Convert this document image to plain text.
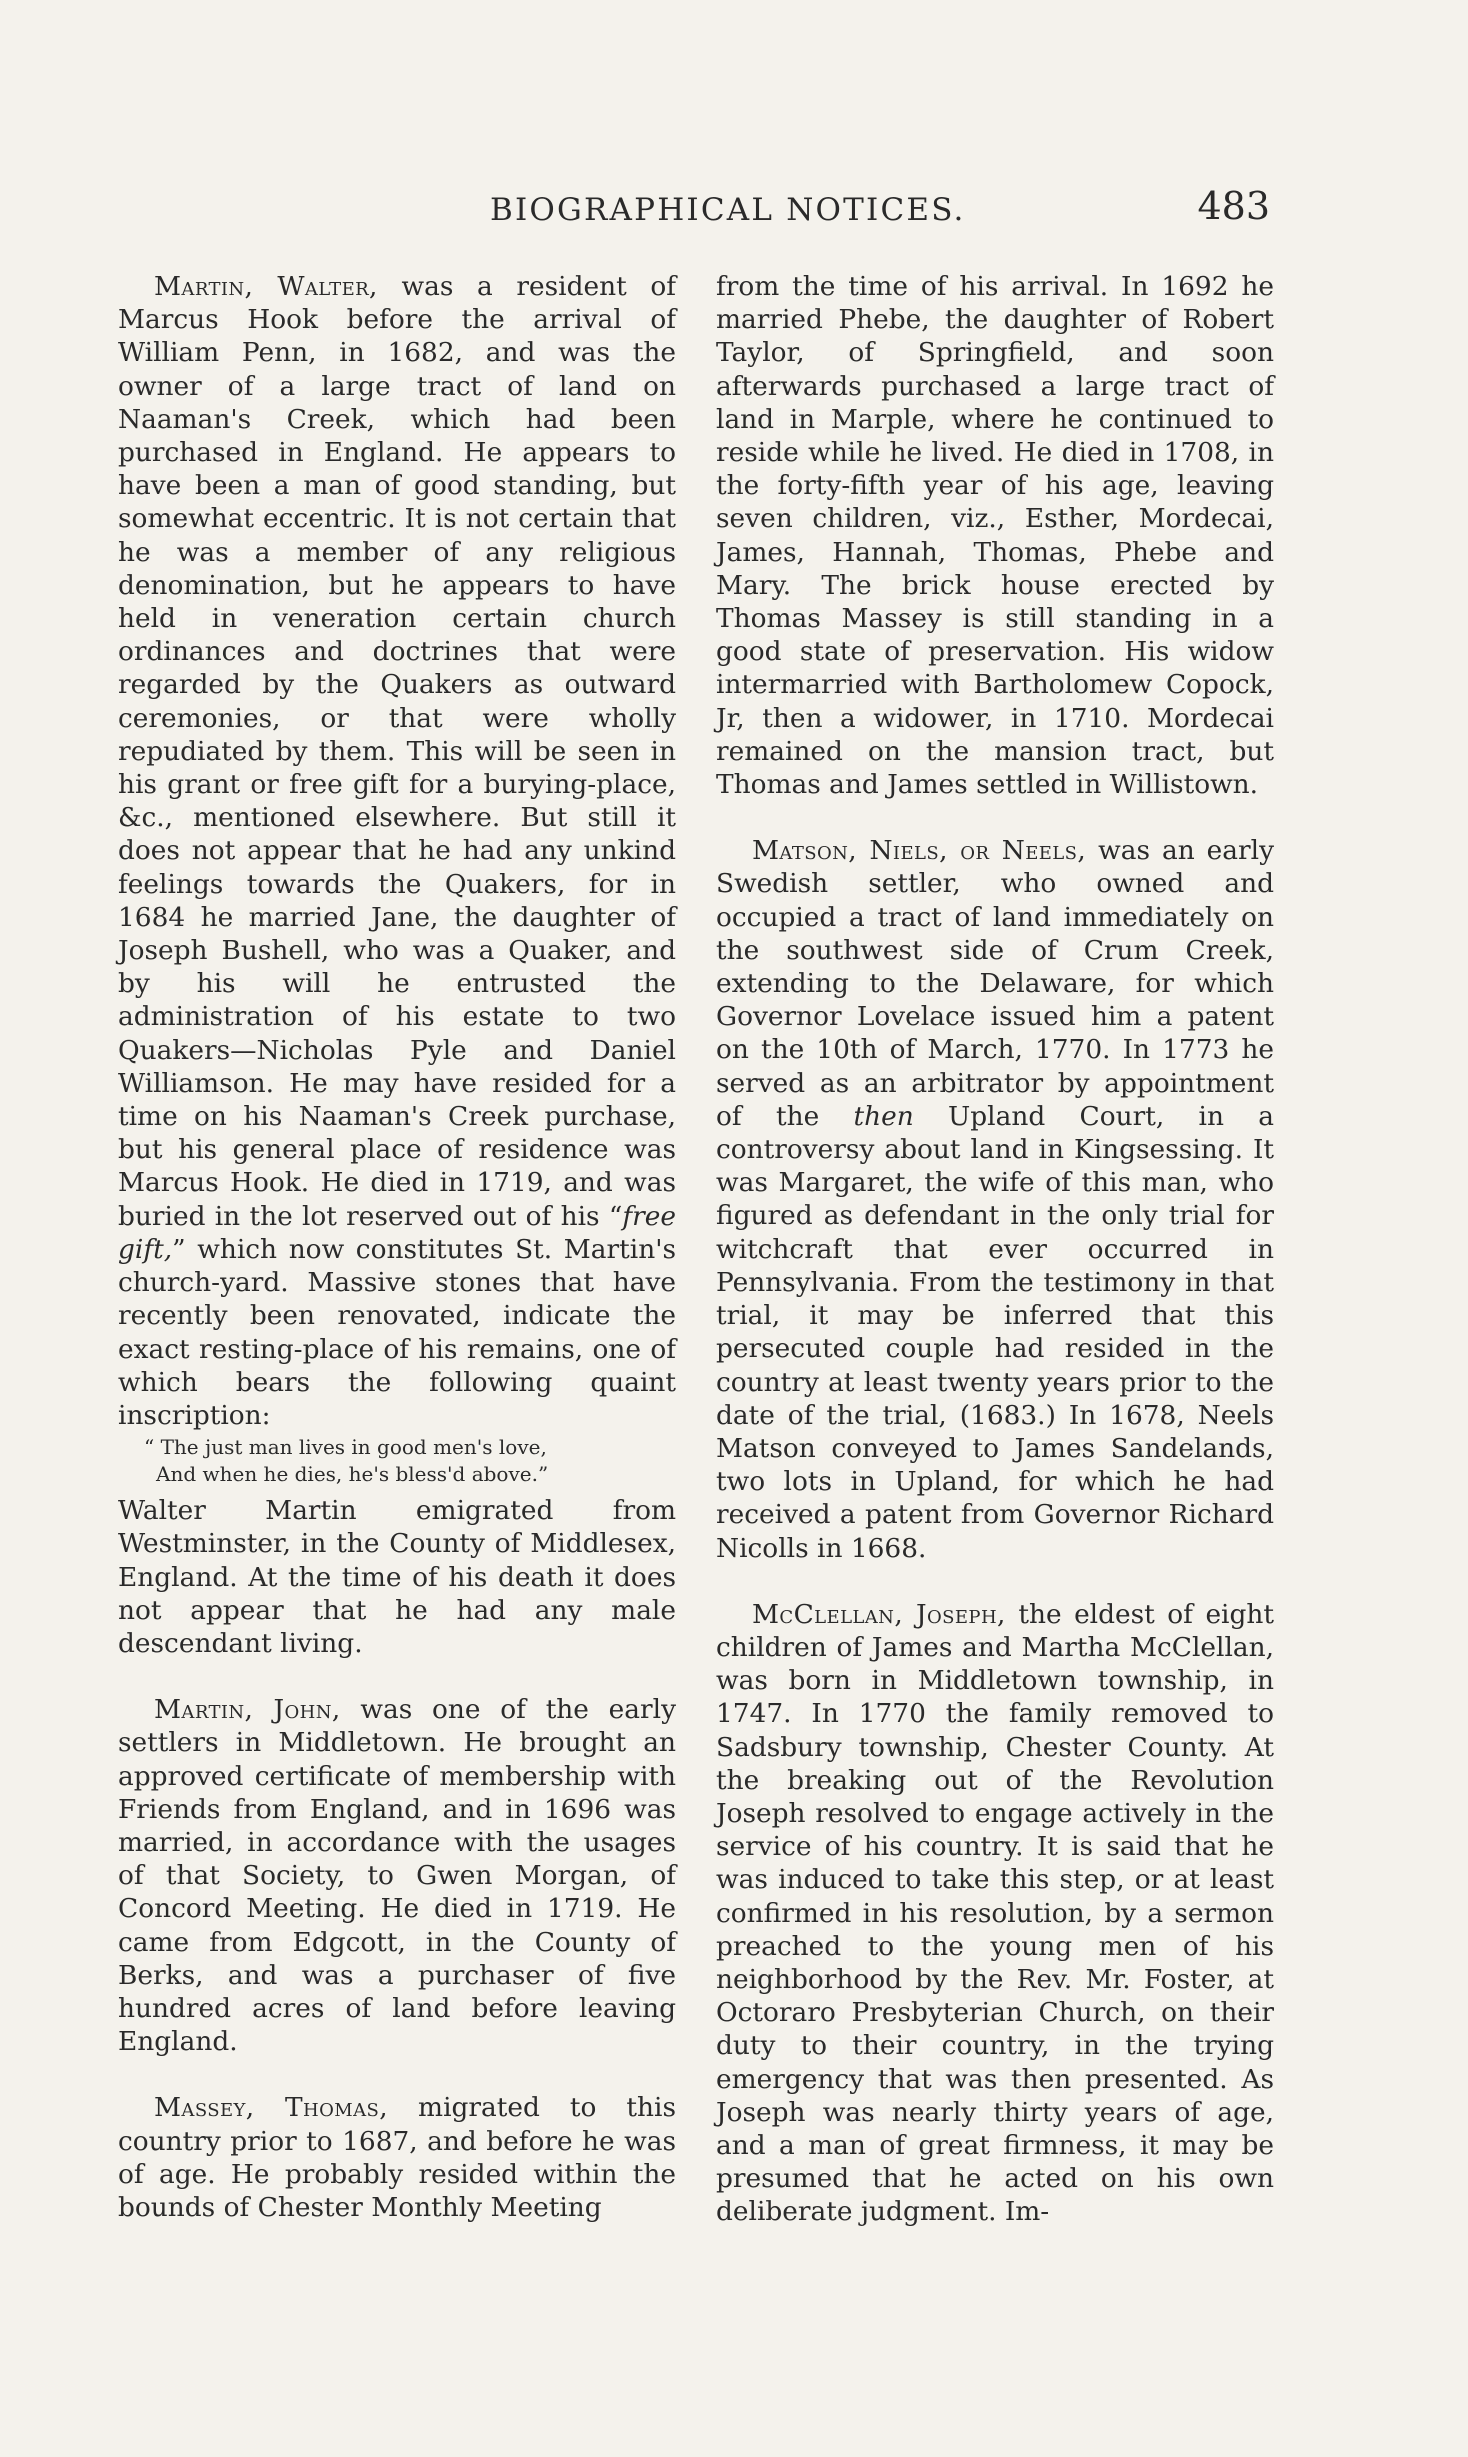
BIOGRAPHICAL NOTICES.	483

Martin, Walter, was a resident of Marcus Hook before the arrival of William Penn, in 1682, and was the owner of a large tract of land on Naaman's Creek, which had been purchased in England. He appears to have been a man of good standing, but somewhat eccentric. It is not certain that he was a member of any religious denomination, but he appears to have held in veneration certain church ordinances and doctrines that were regarded by the Quakers as outward ceremonies, or that were wholly repudiated by them. This will be seen in his grant or free gift for a burying-place, &c., mentioned elsewhere. But still it does not appear that he had any unkind feelings towards the Quakers, for in 1684 he married Jane, the daughter of Joseph Bushell, who was a Quaker, and by his will he entrusted the administration of his estate to two Quakers—Nicholas Pyle and Daniel Williamson. He may have resided for a time on his Naaman's Creek purchase, but his general place of residence was Marcus Hook. He died in 1719, and was buried in the lot reserved out of his “free gift,” which now constitutes St. Martin's church-yard. Massive stones that have recently been renovated, indicate the exact resting-place of his remains, one of which bears the following quaint inscription:

“ The just man lives in good men's love,
And when he dies, he's bless'd above.”

Walter Martin emigrated from Westminster, in the County of Middlesex, England. At the time of his death it does not appear that he had any male descendant living.

Martin, John, was one of the early settlers in Middletown. He brought an approved certificate of membership with Friends from England, and in 1696 was married, in accordance with the usages of that Society, to Gwen Morgan, of Concord Meeting. He died in 1719. He came from Edgcott, in the County of Berks, and was a purchaser of five hundred acres of land before leaving England.

Massey, Thomas, migrated to this country prior to 1687, and before he was of age. He probably resided within the bounds of Chester Monthly Meeting

from the time of his arrival. In 1692 he married Phebe, the daughter of Robert Taylor, of Springfield, and soon afterwards purchased a large tract of land in Marple, where he continued to reside while he lived. He died in 1708, in the forty-fifth year of his age, leaving seven children, viz., Esther, Mordecai, James, Hannah, Thomas, Phebe and Mary. The brick house erected by Thomas Massey is still standing in a good state of preservation. His widow intermarried with Bartholomew Copock, Jr, then a widower, in 1710. Mordecai remained on the mansion tract, but Thomas and James settled in Willistown.

Matson, Niels, or Neels, was an early Swedish settler, who owned and occupied a tract of land immediately on the southwest side of Crum Creek, extending to the Delaware, for which Governor Lovelace issued him a patent on the 10th of March, 1770. In 1773 he served as an arbitrator by appointment of the then Upland Court, in a controversy about land in Kingsessing. It was Margaret, the wife of this man, who figured as defendant in the only trial for witchcraft that ever occurred in Pennsylvania. From the testimony in that trial, it may be inferred that this persecuted couple had resided in the country at least twenty years prior to the date of the trial, (1683.) In 1678, Neels Matson conveyed to James Sandelands, two lots in Upland, for which he had received a patent from Governor Richard Nicolls in 1668.

McClellan, Joseph, the eldest of eight children of James and Martha McClellan, was born in Middletown township, in 1747. In 1770 the family removed to Sadsbury township, Chester County. At the breaking out of the Revolution Joseph resolved to engage actively in the service of his country. It is said that he was induced to take this step, or at least confirmed in his resolution, by a sermon preached to the young men of his neighborhood by the Rev. Mr. Foster, at Octoraro Presbyterian Church, on their duty to their country, in the trying emergency that was then presented. As Joseph was nearly thirty years of age, and a man of great firmness, it may be presumed that he acted on his own deliberate judgment. Im-
